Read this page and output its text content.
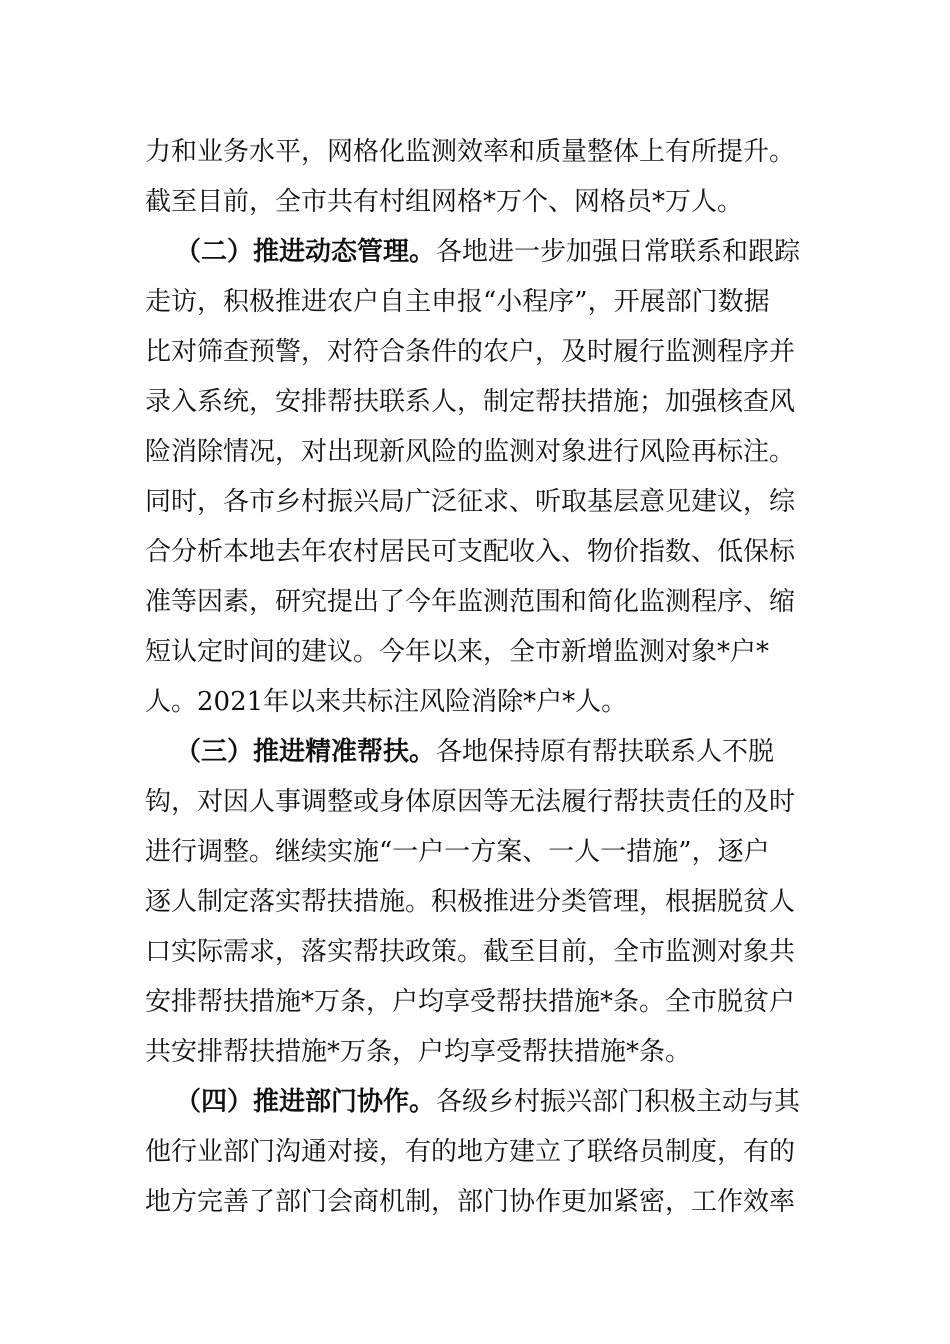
力和业务水平，网格化监测效率和质量整体上有所提升。
截至目前，全市共有村组网格*万个、网格员*万人。
（二）推进动态管理。 各地进一步加强日常联系和跟踪
走访，积极推进农户自主申报“小程序”，开展部门数据
比对筛查预警，对符合条件的农户，及时履行监测程序并
录入系统，安排帮扶联系人，制定帮扶措施；加强核查风
险消除情况，对出现新风险的监测对象进行风险再标注。
同时，各市乡村振兴局广泛征求、听取基层意见建议，综
合分析本地去年农村居民可支配收入、物价指数、低保标
准等因素，研究提出了今年监测范围和简化监测程序、缩
短认定时间的建议。今年以来，全市新增监测对象*户*
人。2021年以来共标注风险消除*户*人。
（三）推进精准帮扶。 各地保持原有帮扶联系人不脱
钩，对因人事调整或身体原因等无法履行帮扶责任的及时
进行调整。继续实施“一户一方案、一人一措施”，逐户
逐人制定落实帮扶措施。积极推进分类管理，根据脱贫人
口实际需求，落实帮扶政策。截至目前，全市监测对象共
安排帮扶措施*万条，户均享受帮扶措施*条。全市脱贫户
共安排帮扶措施*万条，户均享受帮扶措施*条。
（四）推进部门协作。 各级乡村振兴部门积极主动与其
他行业部门沟通对接，有的地方建立了联络员制度，有的
地方完善了部门会商机制，部门协作更加紧密，工作效率
